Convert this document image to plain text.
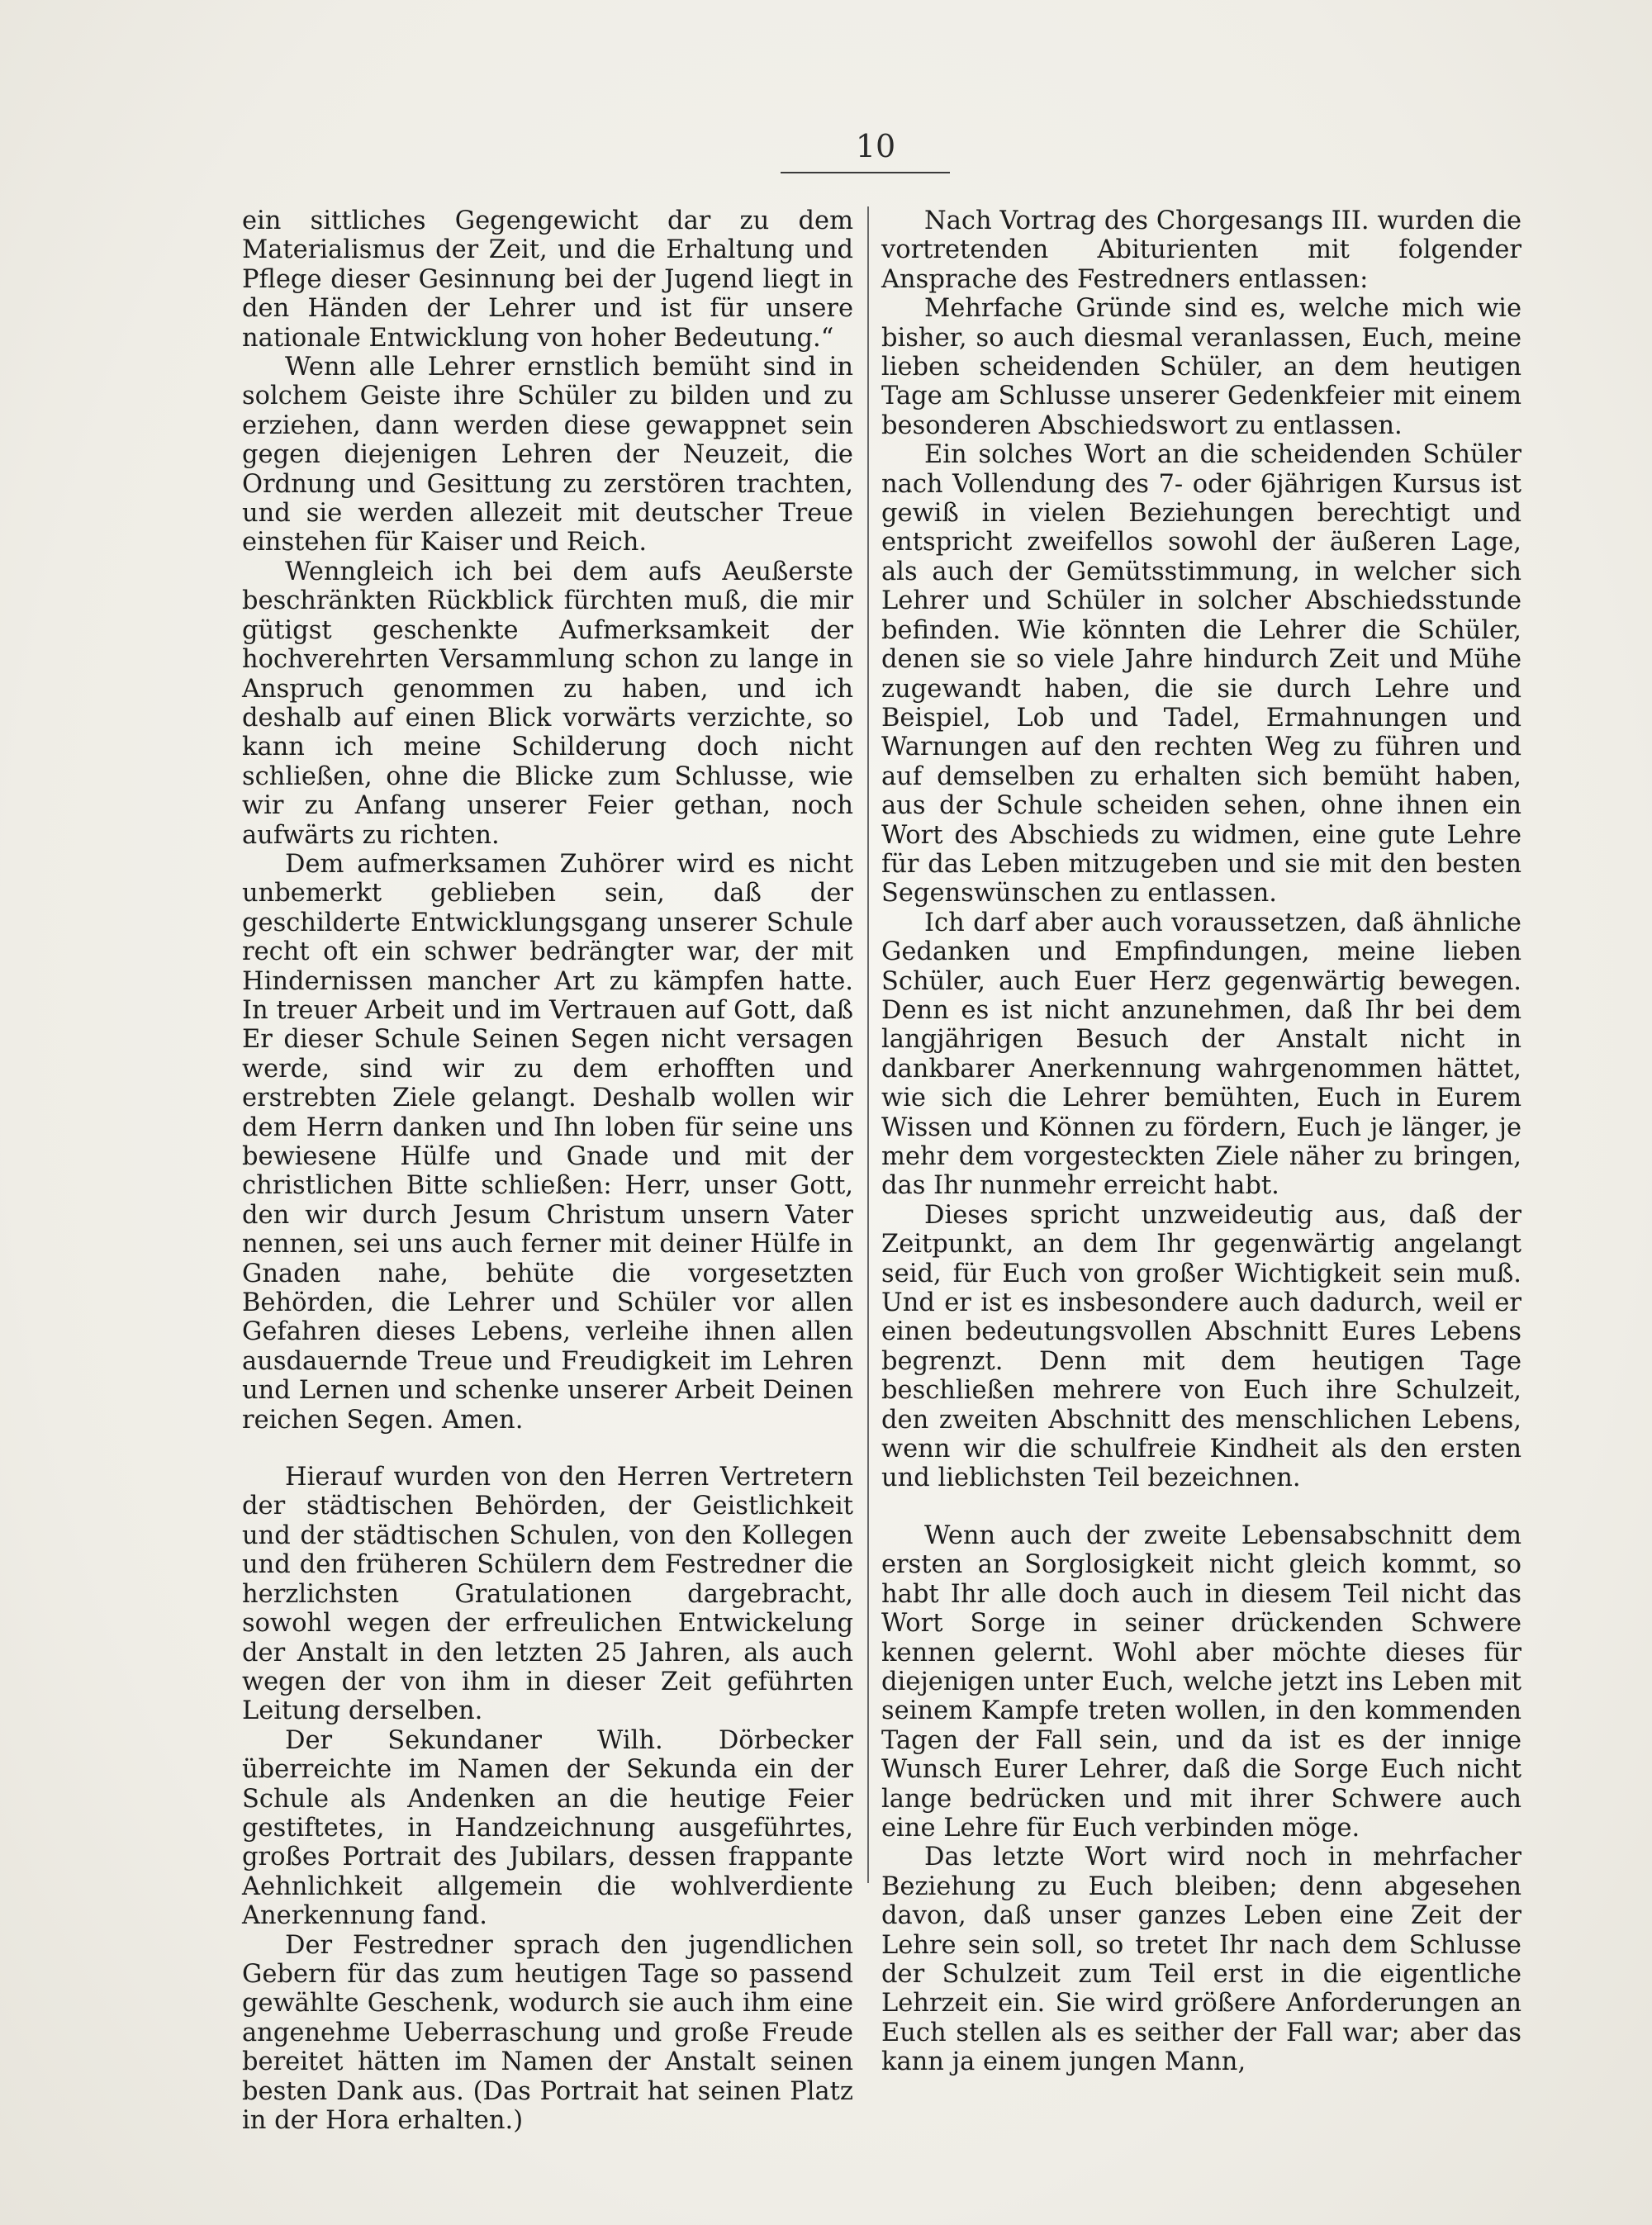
10

ein sittliches Gegengewicht dar zu dem Materialismus der Zeit, und die Erhaltung und Pflege dieser Gesinnung bei der Jugend liegt in den Händen der Lehrer und ist für unsere nationale Entwicklung von hoher Bedeutung.“

Wenn alle Lehrer ernstlich bemüht sind in solchem Geiste ihre Schüler zu bilden und zu erziehen, dann werden diese gewappnet sein gegen diejenigen Lehren der Neuzeit, die Ordnung und Gesittung zu zerstören trachten, und sie werden allezeit mit deutscher Treue einstehen für Kaiser und Reich.

Wenngleich ich bei dem aufs Aeußerste beschränkten Rückblick fürchten muß, die mir gütigst geschenkte Aufmerksamkeit der hochverehrten Versammlung schon zu lange in Anspruch genommen zu haben, und ich deshalb auf einen Blick vorwärts verzichte, so kann ich meine Schilderung doch nicht schließen, ohne die Blicke zum Schlusse, wie wir zu Anfang unserer Feier gethan, noch aufwärts zu richten.

Dem aufmerksamen Zuhörer wird es nicht unbemerkt geblieben sein, daß der geschilderte Entwicklungsgang unserer Schule recht oft ein schwer bedrängter war, der mit Hindernissen mancher Art zu kämpfen hatte. In treuer Arbeit und im Vertrauen auf Gott, daß Er dieser Schule Seinen Segen nicht versagen werde, sind wir zu dem erhofften und erstrebten Ziele gelangt. Deshalb wollen wir dem Herrn danken und Ihn loben für seine uns bewiesene Hülfe und Gnade und mit der christlichen Bitte schließen: Herr, unser Gott, den wir durch Jesum Christum unsern Vater nennen, sei uns auch ferner mit deiner Hülfe in Gnaden nahe, behüte die vorgesetzten Behörden, die Lehrer und Schüler vor allen Gefahren dieses Lebens, verleihe ihnen allen ausdauernde Treue und Freudigkeit im Lehren und Lernen und schenke unserer Arbeit Deinen reichen Segen. Amen.

Hierauf wurden von den Herren Vertretern der städtischen Behörden, der Geistlichkeit und der städtischen Schulen, von den Kollegen und den früheren Schülern dem Festredner die herzlichsten Gratulationen dargebracht, sowohl wegen der erfreulichen Entwickelung der Anstalt in den letzten 25 Jahren, als auch wegen der von ihm in dieser Zeit geführten Leitung derselben.

Der Sekundaner Wilh. Dörbecker überreichte im Namen der Sekunda ein der Schule als Andenken an die heutige Feier gestiftetes, in Handzeichnung ausgeführtes, großes Portrait des Jubilars, dessen frappante Aehnlichkeit allgemein die wohlverdiente Anerkennung fand.

Der Festredner sprach den jugendlichen Gebern für das zum heutigen Tage so passend gewählte Geschenk, wodurch sie auch ihm eine angenehme Ueberraschung und große Freude bereitet hätten im Namen der Anstalt seinen besten Dank aus. (Das Portrait hat seinen Platz in der Hora erhalten.)

Nach Vortrag des Chorgesangs III. wurden die vortretenden Abiturienten mit folgender Ansprache des Festredners entlassen:

Mehrfache Gründe sind es, welche mich wie bisher, so auch diesmal veranlassen, Euch, meine lieben scheidenden Schüler, an dem heutigen Tage am Schlusse unserer Gedenkfeier mit einem besonderen Abschiedswort zu entlassen.

Ein solches Wort an die scheidenden Schüler nach Vollendung des 7- oder 6jährigen Kursus ist gewiß in vielen Beziehungen berechtigt und entspricht zweifellos sowohl der äußeren Lage, als auch der Gemütsstimmung, in welcher sich Lehrer und Schüler in solcher Abschiedsstunde befinden. Wie könnten die Lehrer die Schüler, denen sie so viele Jahre hindurch Zeit und Mühe zugewandt haben, die sie durch Lehre und Beispiel, Lob und Tadel, Ermahnungen und Warnungen auf den rechten Weg zu führen und auf demselben zu erhalten sich bemüht haben, aus der Schule scheiden sehen, ohne ihnen ein Wort des Abschieds zu widmen, eine gute Lehre für das Leben mitzugeben und sie mit den besten Segenswünschen zu entlassen.

Ich darf aber auch voraussetzen, daß ähnliche Gedanken und Empfindungen, meine lieben Schüler, auch Euer Herz gegenwärtig bewegen. Denn es ist nicht anzunehmen, daß Ihr bei dem langjährigen Besuch der Anstalt nicht in dankbarer Anerkennung wahrgenommen hättet, wie sich die Lehrer bemühten, Euch in Eurem Wissen und Können zu fördern, Euch je länger, je mehr dem vorgesteckten Ziele näher zu bringen, das Ihr nunmehr erreicht habt.

Dieses spricht unzweideutig aus, daß der Zeitpunkt, an dem Ihr gegenwärtig angelangt seid, für Euch von großer Wichtigkeit sein muß. Und er ist es insbesondere auch dadurch, weil er einen bedeutungsvollen Abschnitt Eures Lebens begrenzt. Denn mit dem heutigen Tage beschließen mehrere von Euch ihre Schulzeit, den zweiten Abschnitt des menschlichen Lebens, wenn wir die schulfreie Kindheit als den ersten und lieblichsten Teil bezeichnen.

Wenn auch der zweite Lebensabschnitt dem ersten an Sorglosigkeit nicht gleich kommt, so habt Ihr alle doch auch in diesem Teil nicht das Wort Sorge in seiner drückenden Schwere kennen gelernt. Wohl aber möchte dieses für diejenigen unter Euch, welche jetzt ins Leben mit seinem Kampfe treten wollen, in den kommenden Tagen der Fall sein, und da ist es der innige Wunsch Eurer Lehrer, daß die Sorge Euch nicht lange bedrücken und mit ihrer Schwere auch eine Lehre für Euch verbinden möge.

Das letzte Wort wird noch in mehrfacher Beziehung zu Euch bleiben; denn abgesehen davon, daß unser ganzes Leben eine Zeit der Lehre sein soll, so tretet Ihr nach dem Schlusse der Schulzeit zum Teil erst in die eigentliche Lehrzeit ein. Sie wird größere Anforderungen an Euch stellen als es seither der Fall war; aber das kann ja einem jungen Mann,
